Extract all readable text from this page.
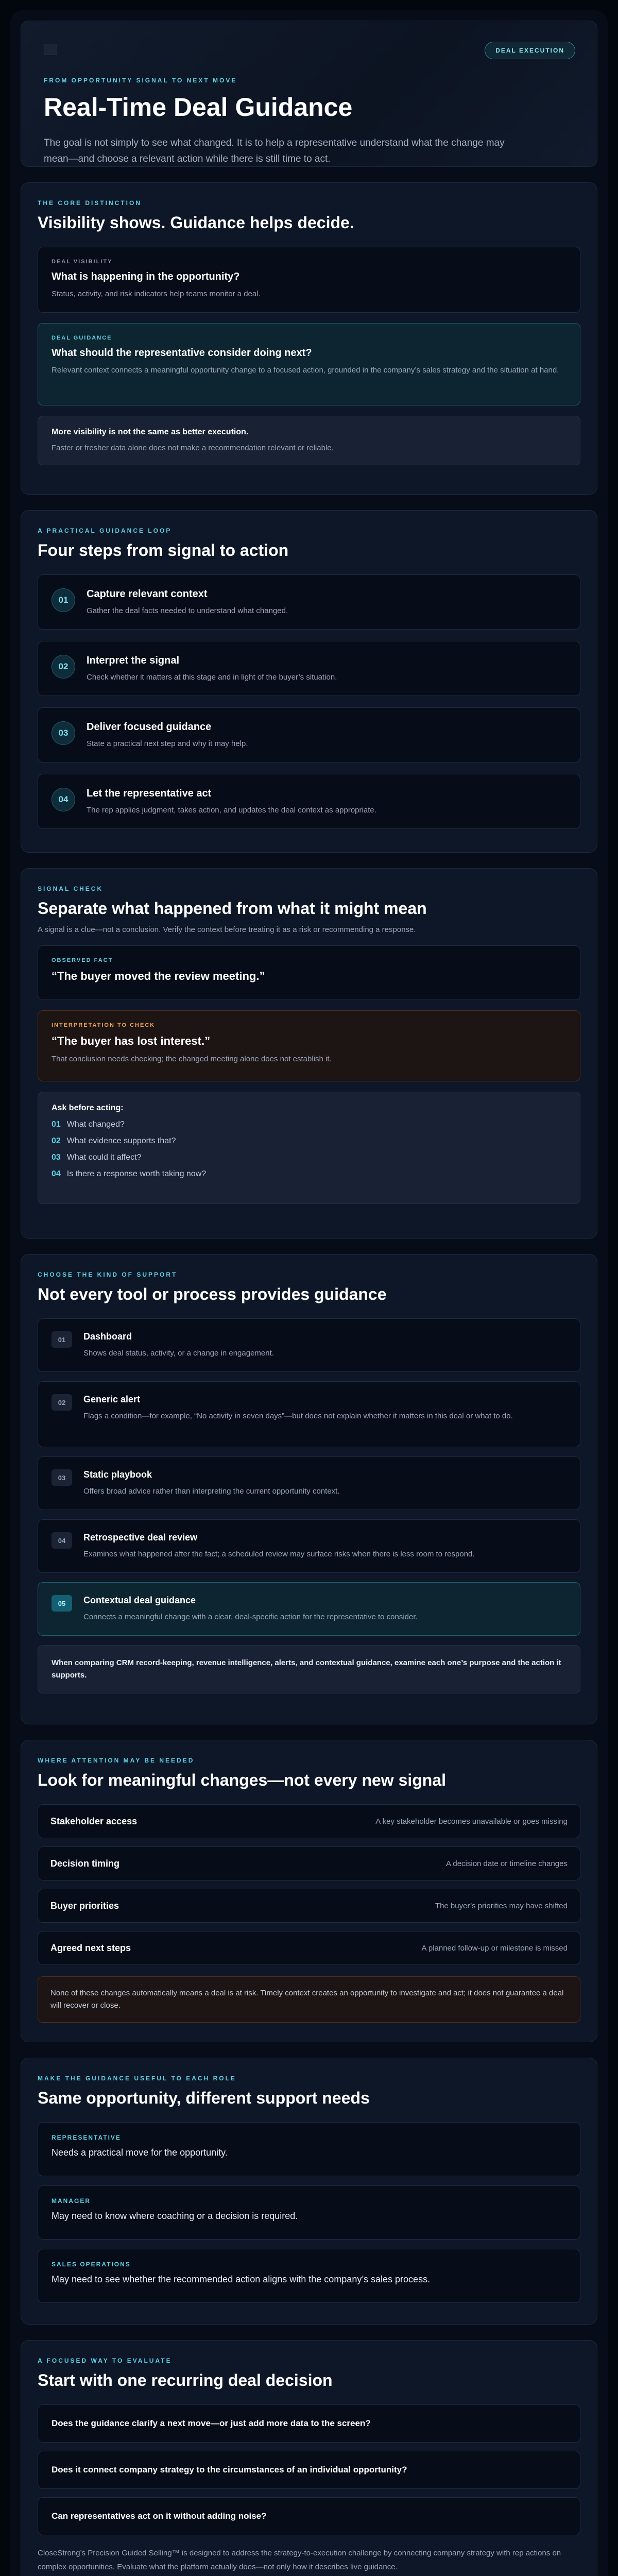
DEAL EXECUTION
FROM OPPORTUNITY SIGNAL TO NEXT MOVE
Real-Time Deal Guidance

The goal is not simply to see what changed. It is to help a representative understand what the change may mean—and choose a relevant action while there is still time to act.

THE CORE DISTINCTION
Visibility shows. Guidance helps decide.
DEAL VISIBILITY
What is happening in the opportunity?
Status, activity, and risk indicators help teams monitor a deal.
DEAL GUIDANCE
What should the representative consider doing next?
Relevant context connects a meaningful opportunity change to a focused action, grounded in the company’s sales strategy and the situation at hand.
More visibility is not the same as better execution.
Faster or fresher data alone does not make a recommendation relevant or reliable.
A PRACTICAL GUIDANCE LOOP
Four steps from signal to action
01
Capture relevant context
Gather the deal facts needed to understand what changed.
02
Interpret the signal
Check whether it matters at this stage and in light of the buyer’s situation.
03
Deliver focused guidance
State a practical next step and why it may help.
04
Let the representative act
The rep applies judgment, takes action, and updates the deal context as appropriate.
SIGNAL CHECK
Separate what happened from what it might mean

A signal is a clue—not a conclusion. Verify the context before treating it as a risk or recommending a response.

OBSERVED FACT
“The buyer moved the review meeting.”
INTERPRETATION TO CHECK
“The buyer has lost interest.”
That conclusion needs checking; the changed meeting alone does not establish it.
Ask before acting:
01 What changed?
02 What evidence supports that?
03 What could it affect?
04 Is there a response worth taking now?
CHOOSE THE KIND OF SUPPORT
Not every tool or process provides guidance
01	Dashboard
Shows deal status, activity, or a change in engagement.
02	Generic alert
Flags a condition—for example, “No activity in seven days”—but does not explain whether it matters in this deal or what to do.
03	Static playbook
Offers broad advice rather than interpreting the current opportunity context.
04	Retrospective deal review
Examines what happened after the fact; a scheduled review may surface risks when there is less room to respond.
05	Contextual deal guidance
Connects a meaningful change with a clear, deal-specific action for the representative to consider.
When comparing CRM record-keeping, revenue intelligence, alerts, and contextual guidance, examine each one’s purpose and the action it supports.
WHERE ATTENTION MAY BE NEEDED
Look for meaningful changes—not every new signal
Stakeholder access	A key stakeholder becomes unavailable or goes missing
Decision timing	A decision date or timeline changes
Buyer priorities	The buyer’s priorities may have shifted
Agreed next steps	A planned follow-up or milestone is missed
None of these changes automatically means a deal is at risk. Timely context creates an opportunity to investigate and act; it does not guarantee a deal will recover or close.
MAKE THE GUIDANCE USEFUL TO EACH ROLE
Same opportunity, different support needs
REPRESENTATIVE
Needs a practical move for the opportunity.
MANAGER
May need to know where coaching or a decision is required.
SALES OPERATIONS
May need to see whether the recommended action aligns with the company’s sales process.
A FOCUSED WAY TO EVALUATE
Start with one recurring deal decision
Does the guidance clarify a next move—or just add more data to the screen?
Does it connect company strategy to the circumstances of an individual opportunity?
Can representatives act on it without adding noise?

CloseStrong’s Precision Guided Selling™ is designed to address the strategy-to-execution challenge by connecting company strategy with rep actions on complex opportunities. Evaluate what the platform actually does—not only how it describes live guidance.
